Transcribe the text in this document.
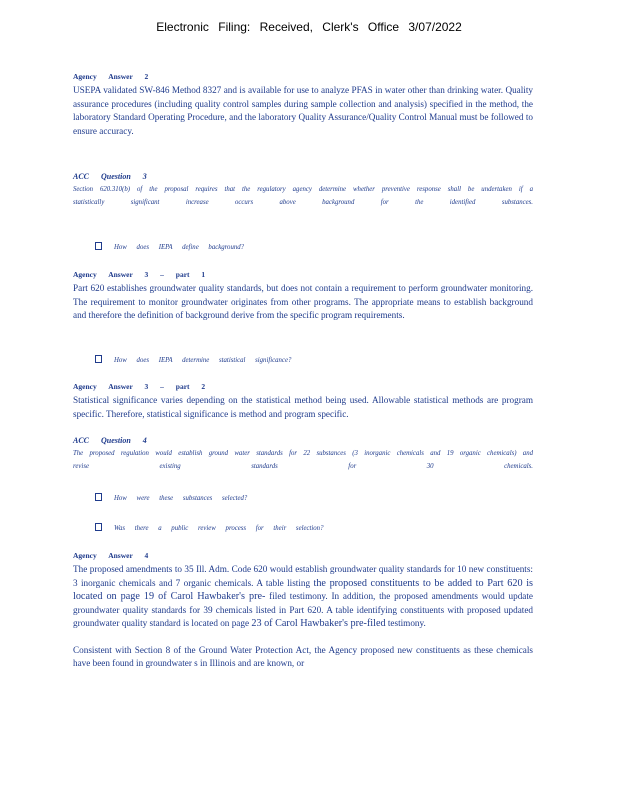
Electronic Filing: Received, Clerk's Office 3/07/2022

Agency Answer 2

USEPA validated SW-846 Method 8327 and is available for use to analyze PFAS in water other than drinking water. Quality assurance procedures (including quality control samples during sample collection and analysis) specified in the method, the laboratory Standard Operating Procedure, and the laboratory Quality Assurance/Quality Control Manual must be followed to ensure accuracy.

ACC Question 3

Section 620.310(b) of the proposal requires that the regulatory agency determine whether preventive response shall be undertaken if a statistically significant increase occurs above background for the identified substances.

How does IEPA define background?

Agency Answer 3 – part 1

Part 620 establishes groundwater quality standards, but does not contain a requirement to perform groundwater monitoring. The requirement to monitor groundwater originates from other programs. The appropriate means to establish background and therefore the definition of background derive from the specific program requirements.

How does IEPA determine statistical significance?

Agency Answer 3 – part 2

Statistical significance varies depending on the statistical method being used. Allowable statistical methods are program specific. Therefore, statistical significance is method and program specific.

ACC Question 4

The proposed regulation would establish ground water standards for 22 substances (3 inorganic chemicals and 19 organic chemicals) and revise existing standards for 30 chemicals.

How were these substances selected?

Was there a public review process for their selection?

Agency Answer 4

The proposed amendments to 35 Ill. Adm. Code 620 would establish groundwater quality standards for 10 new constituents: 3 inorganic chemicals and 7 organic chemicals. A table listing the proposed constituents to be added to Part 620 is located on page 19 of Carol Hawbaker's pre- filed testimony. In addition, the proposed amendments would update groundwater quality standards for 39 chemicals listed in Part 620. A table identifying constituents with proposed updated groundwater quality standard is located on page 23 of Carol Hawbaker's pre-filed testimony.

Consistent with Section 8 of the Ground Water Protection Act, the Agency proposed new constituents as these chemicals have been found in groundwater s in Illinois and are known, or
